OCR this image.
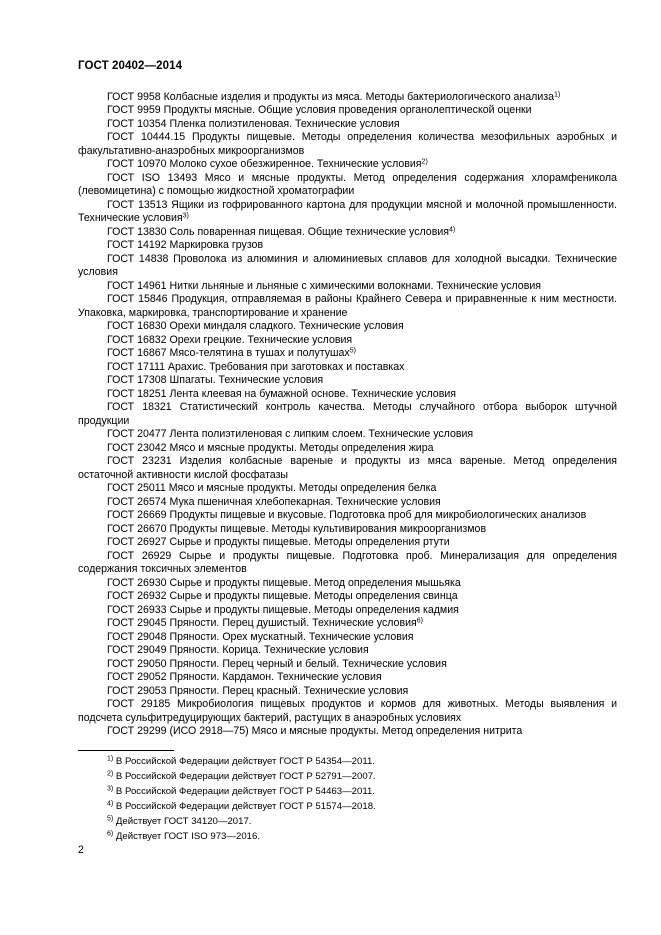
ГОСТ 20402—2014

ГОСТ 9958 Колбасные изделия и продукты из мяса. Методы бактериологического анализа$^{1)}$

ГОСТ 9959 Продукты мясные. Общие условия проведения органолептической оценки

ГОСТ 10354 Пленка полиэтиленовая. Технические условия

ГОСТ 10444.15 Продукты пищевые. Методы определения количества мезофильных аэробных и факультативно-анаэробных микроорганизмов

ГОСТ 10970 Молоко сухое обезжиренное. Технические условия$^{2)}$

ГОСТ ISO 13493 Мясо и мясные продукты. Метод определения содержания хлорамфеникола (левомицетина) с помощью жидкостной хроматографии

ГОСТ 13513 Ящики из гофрированного картона для продукции мясной и молочной промышленности. Технические условия$^{3)}$

ГОСТ 13830 Соль поваренная пищевая. Общие технические условия$^{4)}$

ГОСТ 14192 Маркировка грузов

ГОСТ 14838 Проволока из алюминия и алюминиевых сплавов для холодной высадки. Технические условия

ГОСТ 14961 Нитки льняные и льняные с химическими волокнами. Технические условия

ГОСТ 15846 Продукция, отправляемая в районы Крайнего Севера и приравненные к ним местности. Упаковка, маркировка, транспортирование и хранение

ГОСТ 16830 Орехи миндаля сладкого. Технические условия

ГОСТ 16832 Орехи грецкие. Технические условия

ГОСТ 16867 Мясо-телятина в тушах и полутушах$^{5)}$

ГОСТ 17111 Арахис. Требования при заготовках и поставках

ГОСТ 17308 Шпагаты. Технические условия

ГОСТ 18251 Лента клеевая на бумажной основе. Технические условия

ГОСТ 18321 Статистический контроль качества. Методы случайного отбора выборок штучной продукции

ГОСТ 20477 Лента полиэтиленовая с липким слоем. Технические условия

ГОСТ 23042 Мясо и мясные продукты. Методы определения жира

ГОСТ 23231 Изделия колбасные вареные и продукты из мяса вареные. Метод определения остаточной активности кислой фосфатазы

ГОСТ 25011 Мясо и мясные продукты. Методы определения белка

ГОСТ 26574 Мука пшеничная хлебопекарная. Технические условия

ГОСТ 26669 Продукты пищевые и вкусовые. Подготовка проб для микробиологических анализов

ГОСТ 26670 Продукты пищевые. Методы культивирования микроорганизмов

ГОСТ 26927 Сырье и продукты пищевые. Методы определения ртути

ГОСТ 26929 Сырье и продукты пищевые. Подготовка проб. Минерализация для определения содержания токсичных элементов

ГОСТ 26930 Сырье и продукты пищевые. Метод определения мышьяка

ГОСТ 26932 Сырье и продукты пищевые. Методы определения свинца

ГОСТ 26933 Сырье и продукты пищевые. Методы определения кадмия

ГОСТ 29045 Пряности. Перец душистый. Технические условия$^{6)}$

ГОСТ 29048 Пряности. Орех мускатный. Технические условия

ГОСТ 29049 Пряности. Корица. Технические условия

ГОСТ 29050 Пряности. Перец черный и белый. Технические условия

ГОСТ 29052 Пряности. Кардамон. Технические условия

ГОСТ 29053 Пряности. Перец красный. Технические условия

ГОСТ 29185 Микробиология пищевых продуктов и кормов для животных. Методы выявления и подсчета сульфитредуцирующих бактерий, растущих в анаэробных условиях

ГОСТ 29299 (ИСО 2918—75) Мясо и мясные продукты. Метод определения нитрита

$^{1)}$ В Российской Федерации действует ГОСТ Р 54354—2011.

$^{2)}$ В Российской Федерации действует ГОСТ Р 52791—2007.

$^{3)}$ В Российской Федерации действует ГОСТ Р 54463—2011.

$^{4)}$ В Российской Федерации действует ГОСТ Р 51574—2018.

$^{5)}$ Действует ГОСТ 34120—2017.

$^{6)}$ Действует ГОСТ ISO 973—2016.

2
